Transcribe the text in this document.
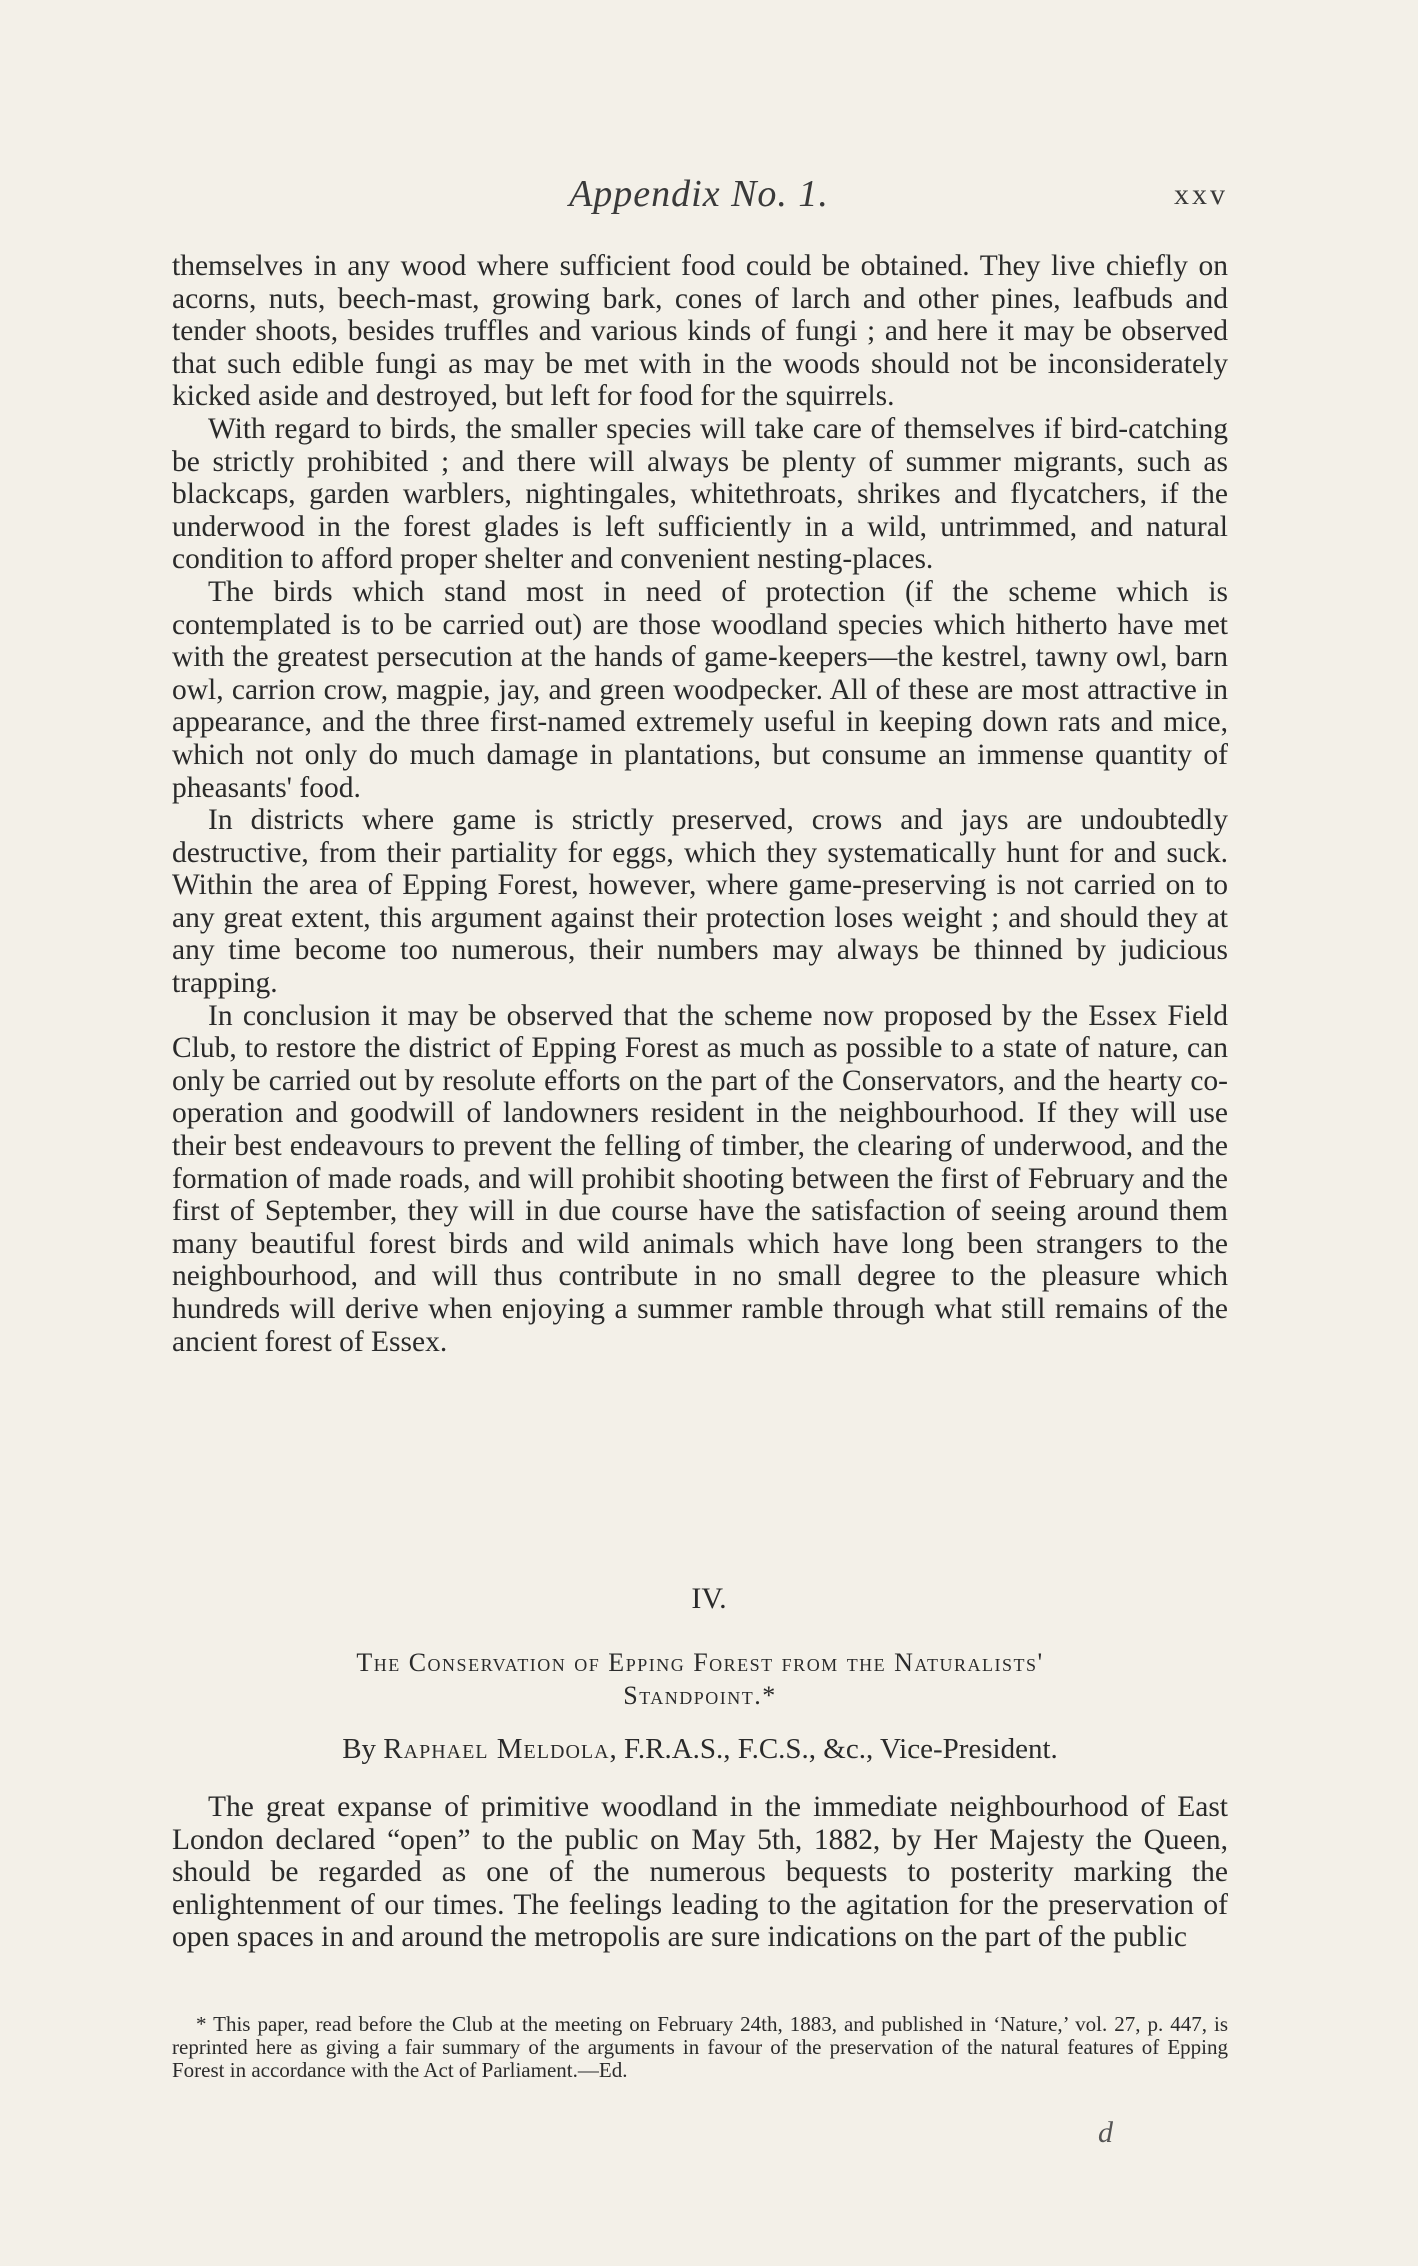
Appendix No. 1.	xxv

themselves in any wood where sufficient food could be obtained. They live chiefly on acorns, nuts, beech-mast, growing bark, cones of larch and other pines, leafbuds and tender shoots, besides truffles and various kinds of fungi ; and here it may be observed that such edible fungi as may be met with in the woods should not be inconsiderately kicked aside and destroyed, but left for food for the squirrels.

With regard to birds, the smaller species will take care of themselves if bird-catching be strictly prohibited ; and there will always be plenty of summer migrants, such as blackcaps, garden warblers, nightingales, whitethroats, shrikes and flycatchers, if the underwood in the forest glades is left sufficiently in a wild, untrimmed, and natural condition to afford proper shelter and convenient nesting-places.

The birds which stand most in need of protection (if the scheme which is contemplated is to be carried out) are those woodland species which hitherto have met with the greatest persecution at the hands of game-keepers—the kestrel, tawny owl, barn owl, carrion crow, magpie, jay, and green woodpecker. All of these are most attractive in appearance, and the three first-named extremely useful in keeping down rats and mice, which not only do much damage in plantations, but consume an immense quantity of pheasants' food.

In districts where game is strictly preserved, crows and jays are undoubtedly destructive, from their partiality for eggs, which they systematically hunt for and suck. Within the area of Epping Forest, however, where game-preserving is not carried on to any great extent, this argument against their protection loses weight ; and should they at any time become too numerous, their numbers may always be thinned by judicious trapping.

In conclusion it may be observed that the scheme now proposed by the Essex Field Club, to restore the district of Epping Forest as much as possible to a state of nature, can only be carried out by resolute efforts on the part of the Conservators, and the hearty co-operation and goodwill of landowners resident in the neighbourhood. If they will use their best endeavours to prevent the felling of timber, the clearing of underwood, and the formation of made roads, and will prohibit shooting between the first of February and the first of September, they will in due course have the satisfaction of seeing around them many beautiful forest birds and wild animals which have long been strangers to the neighbourhood, and will thus contribute in no small degree to the pleasure which hundreds will derive when enjoying a summer ramble through what still remains of the ancient forest of Essex.

IV.
The Conservation of Epping Forest from the Naturalists'
Standpoint.*
By Raphael Meldola, F.R.A.S., F.C.S., &c., Vice-President.
The great expanse of primitive woodland in the immediate neighbourhood of East London declared “open” to the public on May 5th, 1882, by Her Majesty the Queen, should be regarded as one of the numerous bequests to posterity marking the enlightenment of our times. The feelings leading to the agitation for the preservation of open spaces in and around the metropolis are sure indications on the part of the public
* This paper, read before the Club at the meeting on February 24th, 1883, and published in ‘Nature,’ vol. 27, p. 447, is reprinted here as giving a fair summary of the arguments in favour of the preservation of the natural features of Epping Forest in accordance with the Act of Parliament.—Ed.
d
